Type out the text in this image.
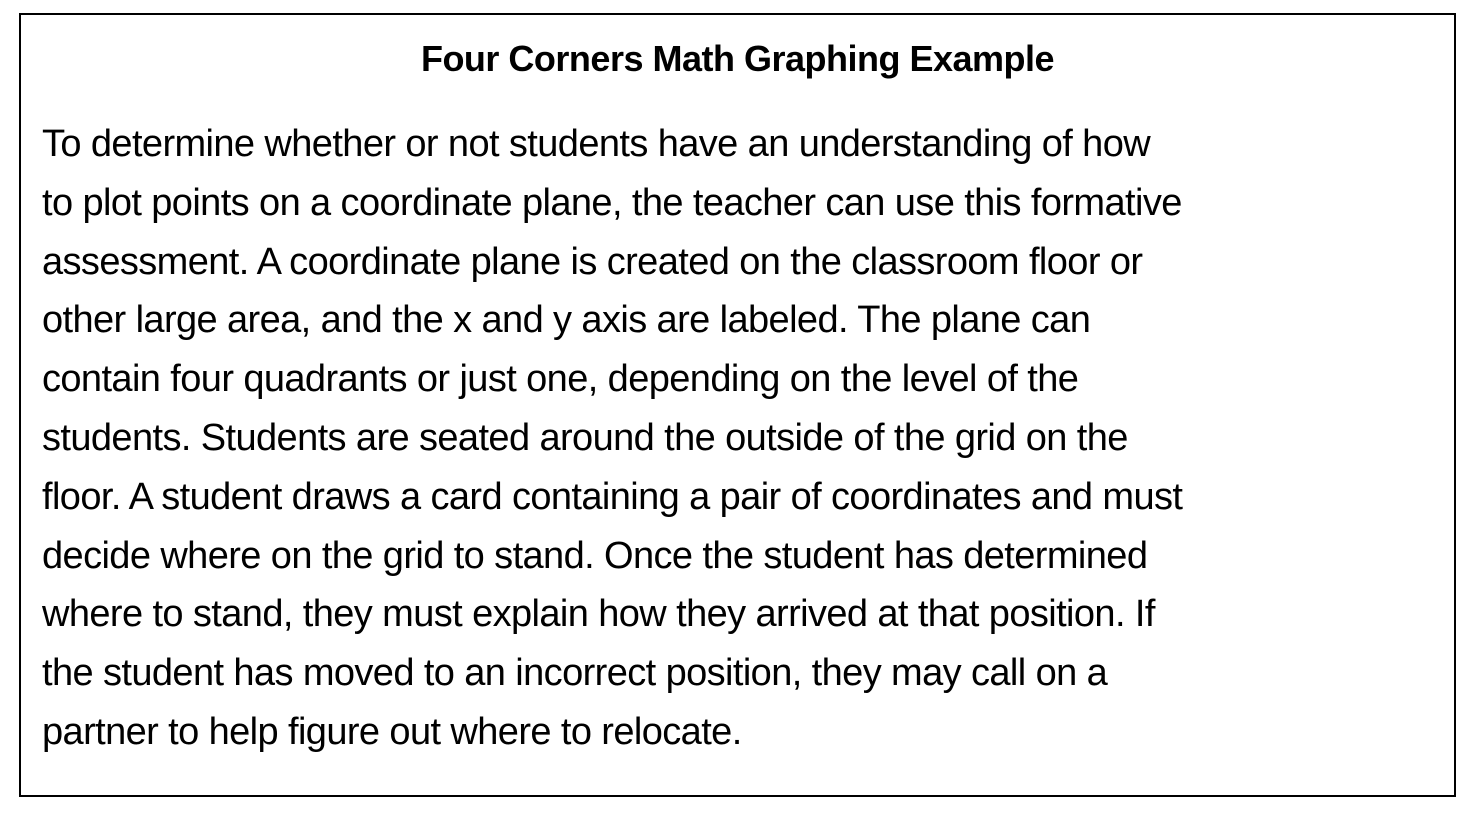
Four Corners Math Graphing Example

To determine whether or not students have an understanding of how
to plot points on a coordinate plane, the teacher can use this formative
assessment. A coordinate plane is created on the classroom floor or
other large area, and the x and y axis are labeled. The plane can
contain four quadrants or just one, depending on the level of the
students. Students are seated around the outside of the grid on the
floor. A student draws a card containing a pair of coordinates and must
decide where on the grid to stand. Once the student has determined
where to stand, they must explain how they arrived at that position. If
the student has moved to an incorrect position, they may call on a
partner to help figure out where to relocate.
